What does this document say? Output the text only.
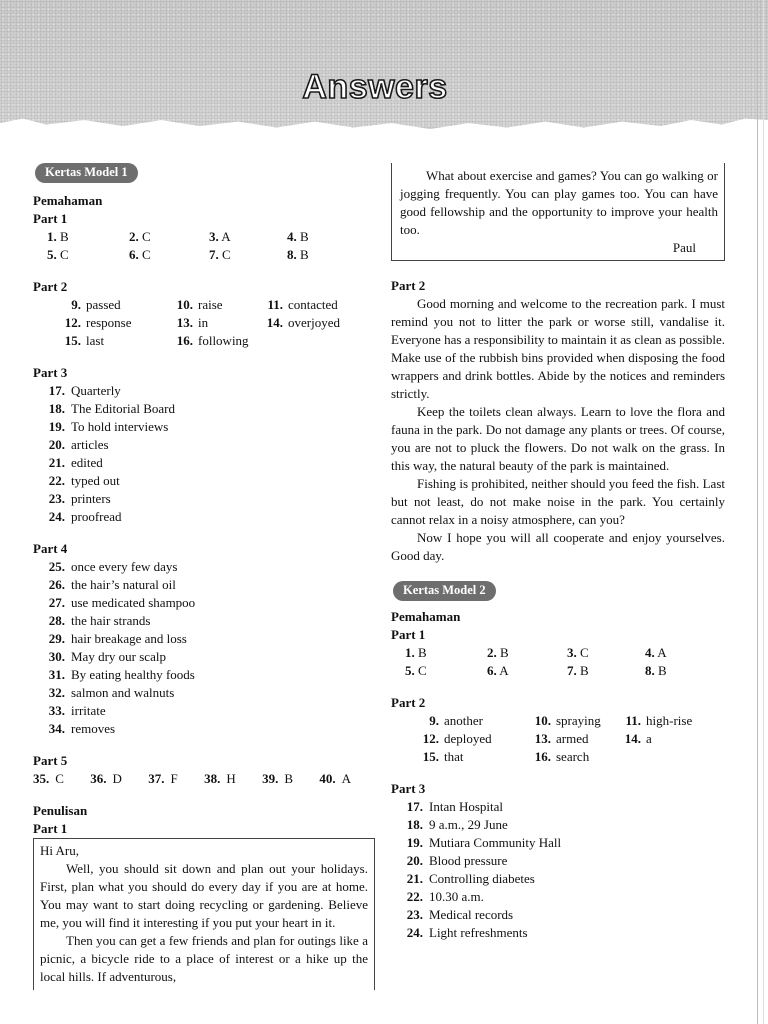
Answers
Kertas Model 1
Pemahaman
Part 1
1. B	2. C	3. A	4. B
5. C	6. C	7. C	8. B
Part 2
9. passed	10. raise	11. contacted
12. response	13. in	14. overjoyed
15. last	16. following
Part 3
17. Quarterly
18. The Editorial Board
19. To hold interviews
20. articles
21. edited
22. typed out
23. printers
24. proofread
Part 4
25. once every few days
26. the hair’s natural oil
27. use medicated shampoo
28. the hair strands
29. hair breakage and loss
30. May dry our scalp
31. By eating healthy foods
32. salmon and walnuts
33. irritate
34. removes
Part 5
35. C 36. D 37. F 38. H 39. B 40. A
Penulisan
Part 1

Hi Aru,

Well, you should sit down and plan out your holidays. First, plan what you should do every day if you are at home. You may want to start doing recycling or gardening. Believe me, you will find it interesting if you put your heart in it.

Then you can get a few friends and plan for outings like a picnic, a bicycle ride to a place of interest or a hike up the local hills. If adventurous,

What about exercise and games? You can go walking or jogging frequently. You can play games too. You can have good fellowship and the opportunity to improve your health too.

Paul
Part 2

Good morning and welcome to the recreation park. I must remind you not to litter the park or worse still, vandalise it. Everyone has a responsibility to maintain it as clean as possible. Make use of the rubbish bins provided when disposing the food wrappers and drink bottles. Abide by the notices and reminders strictly.

Keep the toilets clean always. Learn to love the flora and fauna in the park. Do not damage any plants or trees. Of course, you are not to pluck the flowers. Do not walk on the grass. In this way, the natural beauty of the park is maintained.

Fishing is prohibited, neither should you feed the fish. Last but not least, do not make noise in the park. You certainly cannot relax in a noisy atmosphere, can you?

Now I hope you will all cooperate and enjoy yourselves. Good day.

Kertas Model 2
Pemahaman
Part 1
1. B	2. B	3. C	4. A
5. C	6. A	7. B	8. B
Part 2
9. another	10. spraying	11. high-rise
12. deployed	13. armed	14. a
15. that	16. search
Part 3
17. Intan Hospital
18. 9 a.m., 29 June
19. Mutiara Community Hall
20. Blood pressure
21. Controlling diabetes
22. 10.30 a.m.
23. Medical records
24. Light refreshments
